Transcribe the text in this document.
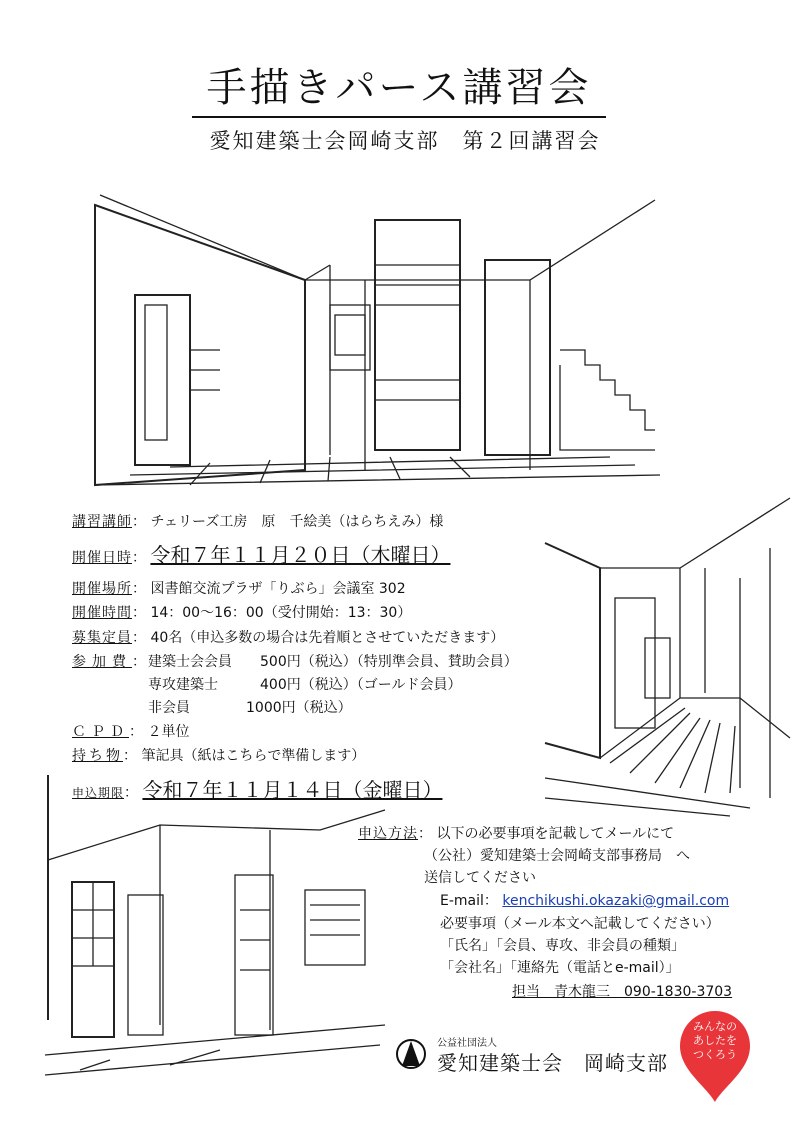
手描きパース講習会
愛知建築士会岡崎支部　第２回講習会
講習講師： チェリーズ工房　原　千絵美（はらちえみ）様
開催日時： 令和７年１１月２０日（木曜日）
開催場所： 図書館交流プラザ「りぶら」会議室 302
開催時間： 14：00〜16：00（受付開始：13：30）
募集定員： 40名（申込多数の場合は先着順とさせていただきます）
参加費： 建築士会会員 500円（税込）（特別準会員、賛助会員）
専攻建築士	400円（税込）（ゴールド会員）
非会員	1000円（税込）
ＣＰＤ： ２単位
持ち物： 筆記具（紙はこちらで準備します）
申込期限： 令和７年１１月１４日（金曜日）
申込方法： 以下の必要事項を記載してメールにて
（公社）愛知建築士会岡崎支部事務局　へ
送信してください
E-mail： kenchikushi.okazaki@gmail.com
必要事項（メール本文へ記載してください）
「氏名」「会員、専攻、非会員の種類」
「会社名」「連絡先（電話とe-mail）」
担当　青木龍三　090-1830-3703
公益社団法人
愛知建築士会　岡崎支部
みんなの
あしたを
つくろう
